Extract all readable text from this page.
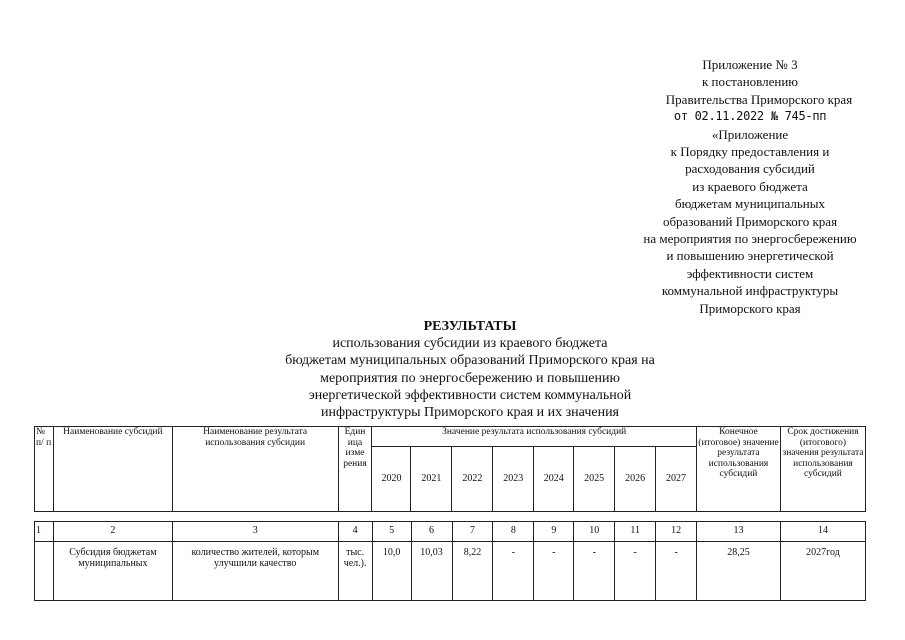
Приложение № 3
к постановлению
Правительства Приморского края
от 02.11.2022 № 745-пп
«Приложение
к Порядку предоставления и
расходования субсидий
из краевого бюджета
бюджетам муниципальных
образований Приморского края
на мероприятия по энергосбережению
и повышению энергетической
эффективности систем
коммунальной инфраструктуры
Приморского края
РЕЗУЛЬТАТЫ
использования субсидии из краевого бюджета
бюджетам муниципальных образований Приморского края на
мероприятия по энергосбережению и повышению
энергетической эффективности систем коммунальной
инфраструктуры Приморского края и их значения
№ п/ п	Наименование субсидий	Наименование результата использования субсидии	Един ица изме рения	Значение результата использования субсидий								Конечное (итоговое) значение результата использования субсидий	Срок достижения (итогового) значения результата использования субсидий
				2020	2021	2022	2023	2024	2025	2026	2027		
1	2	3	4	5	6	7	8	9	10	11	12	13	14
	Субсидия бюджетам муниципальных	количество жителей, которым улучшили качество	тыс. чел.).	10,0	10,03	8,22	-	-	-	-	-	28,25	2027год
